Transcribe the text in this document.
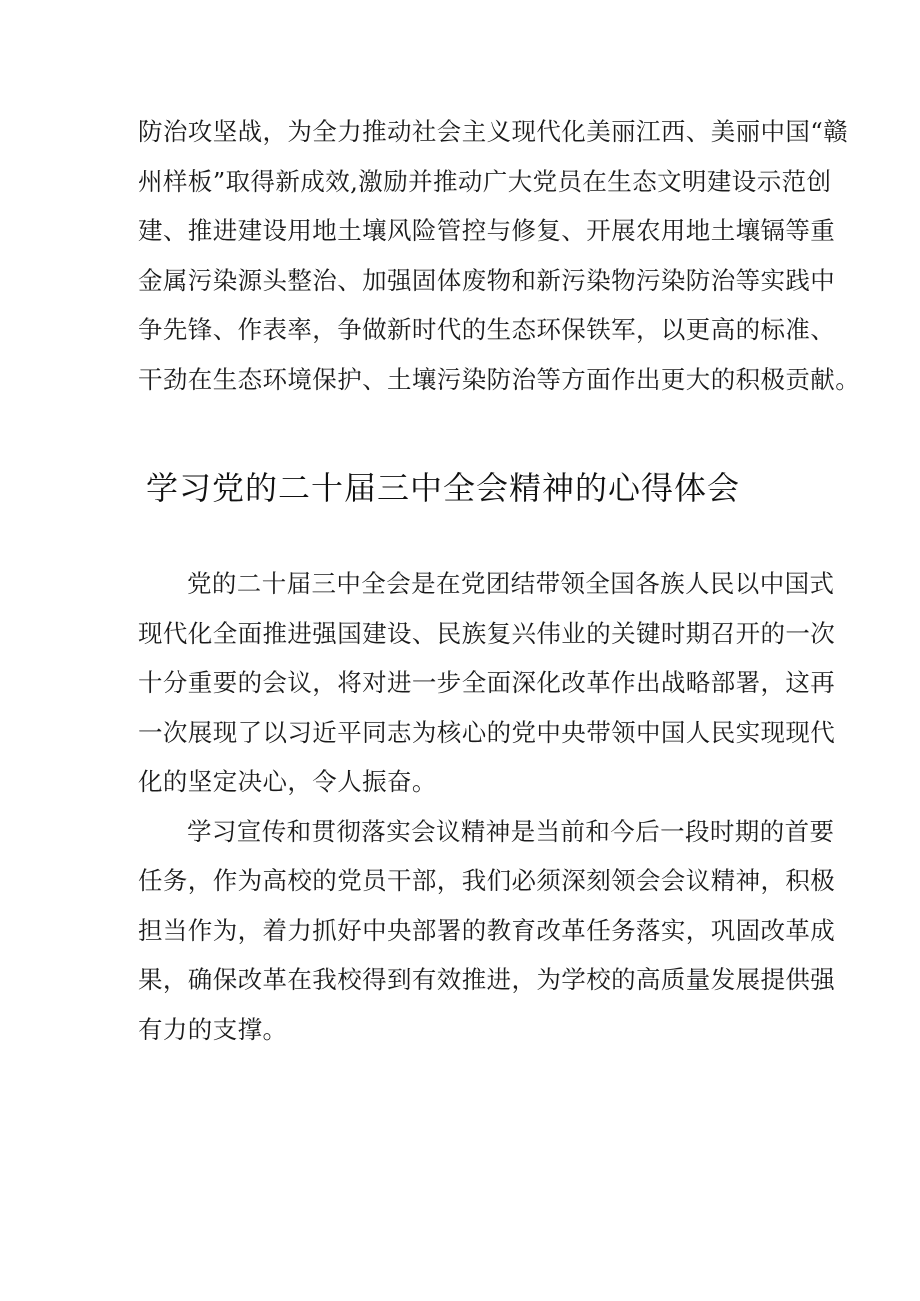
防治攻坚战，为全力推动社会主义现代化美丽江西、美丽中国“赣
州样板”取得新成效,激励并推动广大党员在生态文明建设示范创
建、推进建设用地土壤风险管控与修复、开展农用地土壤镉等重
金属污染源头整治、加强固体废物和新污染物污染防治等实践中
争先锋、作表率，争做新时代的生态环保铁军，以更高的标准、
干劲在生态环境保护、土壤污染防治等方面作出更大的积极贡献。
学习党的二十届三中全会精神的心得体会
党的二十届三中全会是在党团结带领全国各族人民以中国式
现代化全面推进强国建设、民族复兴伟业的关键时期召开的一次
十分重要的会议，将对进一步全面深化改革作出战略部署，这再
一次展现了以习近平同志为核心的党中央带领中国人民实现现代
化的坚定决心，令人振奋。
学习宣传和贯彻落实会议精神是当前和今后一段时期的首要
任务，作为高校的党员干部，我们必须深刻领会会议精神，积极
担当作为，着力抓好中央部署的教育改革任务落实，巩固改革成
果，确保改革在我校得到有效推进，为学校的高质量发展提供强
有力的支撑。
